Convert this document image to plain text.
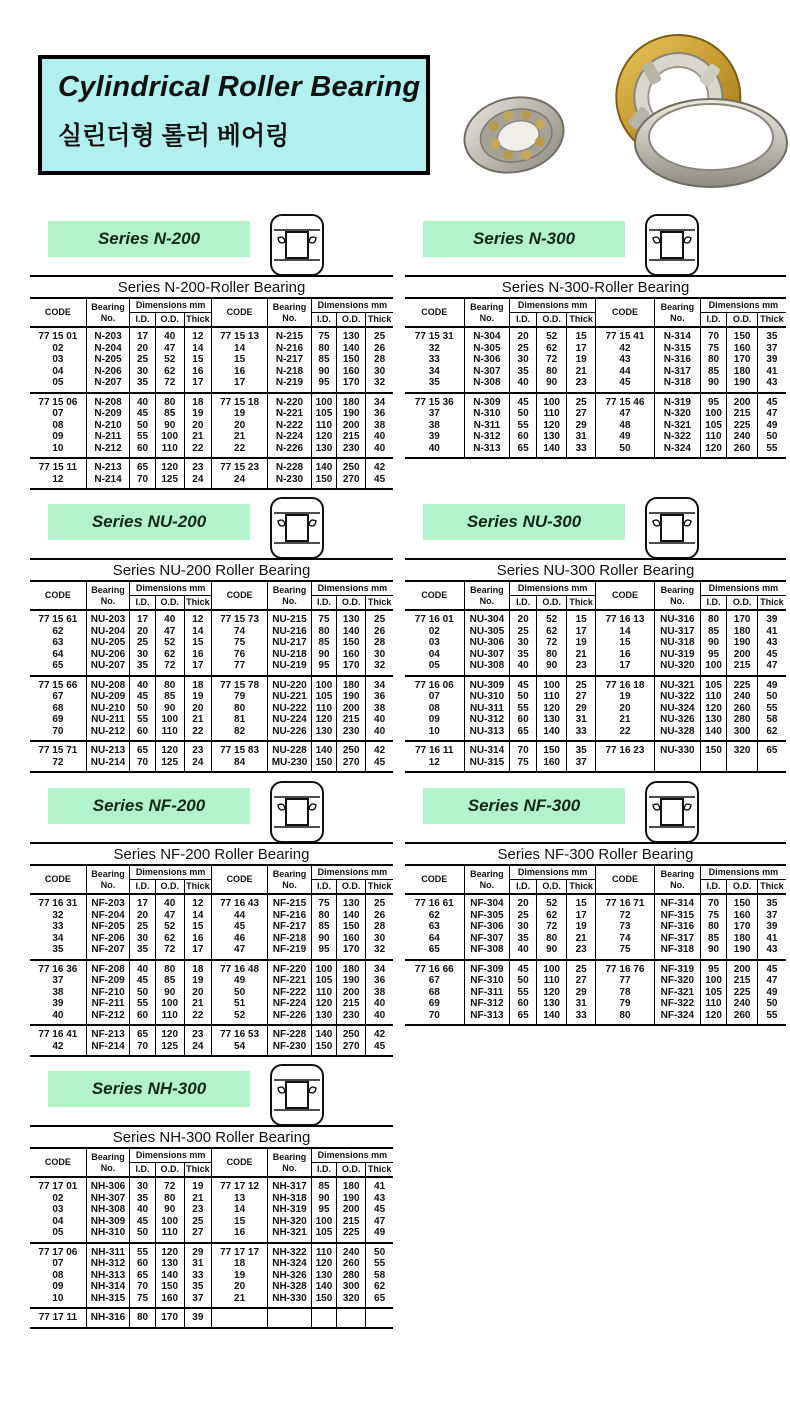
Cylindrical Roller Bearing
실린더형 롤러 베어링
Series N-200
Series N-200-Roller Bearing
CODE	Bearing No.	Dimensions mm			CODE	Bearing No.	Dimensions mm		
		I.D.	O.D.	Thick			I.D.	O.D.	Thick
77 15 01	N-203	17	40	12	77 15 13	N-215	75	130	25
02	N-204	20	47	14	14	N-216	80	140	26
03	N-205	25	52	15	15	N-217	85	150	28
04	N-206	30	62	16	16	N-218	90	160	30
05	N-207	35	72	17	17	N-219	95	170	32
77 15 06	N-208	40	80	18	77 15 18	N-220	100	180	34
07	N-209	45	85	19	19	N-221	105	190	36
08	N-210	50	90	20	20	N-222	110	200	38
09	N-211	55	100	21	21	N-224	120	215	40
10	N-212	60	110	22	22	N-226	130	230	40
77 15 11	N-213	65	120	23	77 15 23	N-228	140	250	42
12	N-214	70	125	24	24	N-230	150	270	45
Series N-300
Series N-300-Roller Bearing
CODE	Bearing No.	Dimensions mm			CODE	Bearing No.	Dimensions mm		
		I.D.	O.D.	Thick			I.D.	O.D.	Thick
77 15 31	N-304	20	52	15	77 15 41	N-314	70	150	35
32	N-305	25	62	17	42	N-315	75	160	37
33	N-306	30	72	19	43	N-316	80	170	39
34	N-307	35	80	21	44	N-317	85	180	41
35	N-308	40	90	23	45	N-318	90	190	43
77 15 36	N-309	45	100	25	77 15 46	N-319	95	200	45
37	N-310	50	110	27	47	N-320	100	215	47
38	N-311	55	120	29	48	N-321	105	225	49
39	N-312	60	130	31	49	N-322	110	240	50
40	N-313	65	140	33	50	N-324	120	260	55
Series NU-200
Series NU-200 Roller Bearing
CODE	Bearing No.	Dimensions mm			CODE	Bearing No.	Dimensions mm		
		I.D.	O.D.	Thick			I.D.	O.D.	Thick
77 15 61	NU-203	17	40	12	77 15 73	NU-215	75	130	25
62	NU-204	20	47	14	74	NU-216	80	140	26
63	NU-205	25	52	15	75	NU-217	85	150	28
64	NU-206	30	62	16	76	NU-218	90	160	30
65	NU-207	35	72	17	77	NU-219	95	170	32
77 15 66	NU-208	40	80	18	77 15 78	NU-220	100	180	34
67	NU-209	45	85	19	79	NU-221	105	190	36
68	NU-210	50	90	20	80	NU-222	110	200	38
69	NU-211	55	100	21	81	NU-224	120	215	40
70	NU-212	60	110	22	82	NU-226	130	230	40
77 15 71	NU-213	65	120	23	77 15 83	NU-228	140	250	42
72	NU-214	70	125	24	84	MU-230	150	270	45
Series NU-300
Series NU-300 Roller Bearing
CODE	Bearing No.	Dimensions mm			CODE	Bearing No.	Dimensions mm		
		I.D.	O.D.	Thick			I.D.	O.D.	Thick
77 16 01	NU-304	20	52	15	77 16 13	NU-316	80	170	39
02	NU-305	25	62	17	14	NU-317	85	180	41
03	NU-306	30	72	19	15	NU-318	90	190	43
04	NU-307	35	80	21	16	NU-319	95	200	45
05	NU-308	40	90	23	17	NU-320	100	215	47
77 16 06	NU-309	45	100	25	77 16 18	NU-321	105	225	49
07	NU-310	50	110	27	19	NU-322	110	240	50
08	NU-311	55	120	29	20	NU-324	120	260	55
09	NU-312	60	130	31	21	NU-326	130	280	58
10	NU-313	65	140	33	22	NU-328	140	300	62
77 16 11	NU-314	70	150	35	77 16 23	NU-330	150	320	65
12	NU-315	75	160	37					
Series NF-200
Series NF-200 Roller Bearing
CODE	Bearing No.	Dimensions mm			CODE	Bearing No.	Dimensions mm		
		I.D.	O.D.	Thick			I.D.	O.D.	Thick
77 16 31	NF-203	17	40	12	77 16 43	NF-215	75	130	25
32	NF-204	20	47	14	44	NF-216	80	140	26
33	NF-205	25	52	15	45	NF-217	85	150	28
34	NF-206	30	62	16	46	NF-218	90	160	30
35	NF-207	35	72	17	47	NF-219	95	170	32
77 16 36	NF-208	40	80	18	77 16 48	NF-220	100	180	34
37	NF-209	45	85	19	49	NF-221	105	190	36
38	NF-210	50	90	20	50	NF-222	110	200	38
39	NF-211	55	100	21	51	NF-224	120	215	40
40	NF-212	60	110	22	52	NF-226	130	230	40
77 16 41	NF-213	65	120	23	77 16 53	NF-228	140	250	42
42	NF-214	70	125	24	54	NF-230	150	270	45
Series NF-300
Series NF-300 Roller Bearing
CODE	Bearing No.	Dimensions mm			CODE	Bearing No.	Dimensions mm		
		I.D.	O.D.	Thick			I.D.	O.D.	Thick
77 16 61	NF-304	20	52	15	77 16 71	NF-314	70	150	35
62	NF-305	25	62	17	72	NF-315	75	160	37
63	NF-306	30	72	19	73	NF-316	80	170	39
64	NF-307	35	80	21	74	NF-317	85	180	41
65	NF-308	40	90	23	75	NF-318	90	190	43
77 16 66	NF-309	45	100	25	77 16 76	NF-319	95	200	45
67	NF-310	50	110	27	77	NF-320	100	215	47
68	NF-311	55	120	29	78	NF-321	105	225	49
69	NF-312	60	130	31	79	NF-322	110	240	50
70	NF-313	65	140	33	80	NF-324	120	260	55
Series NH-300
Series NH-300 Roller Bearing
CODE	Bearing No.	Dimensions mm			CODE	Bearing No.	Dimensions mm		
		I.D.	O.D.	Thick			I.D.	O.D.	Thick
77 17 01	NH-306	30	72	19	77 17 12	NH-317	85	180	41
02	NH-307	35	80	21	13	NH-318	90	190	43
03	NH-308	40	90	23	14	NH-319	95	200	45
04	NH-309	45	100	25	15	NH-320	100	215	47
05	NH-310	50	110	27	16	NH-321	105	225	49
77 17 06	NH-311	55	120	29	77 17 17	NH-322	110	240	50
07	NH-312	60	130	31	18	NH-324	120	260	55
08	NH-313	65	140	33	19	NH-326	130	280	58
09	NH-314	70	150	35	20	NH-328	140	300	62
10	NH-315	75	160	37	21	NH-330	150	320	65
77 17 11	NH-316	80	170	39					
